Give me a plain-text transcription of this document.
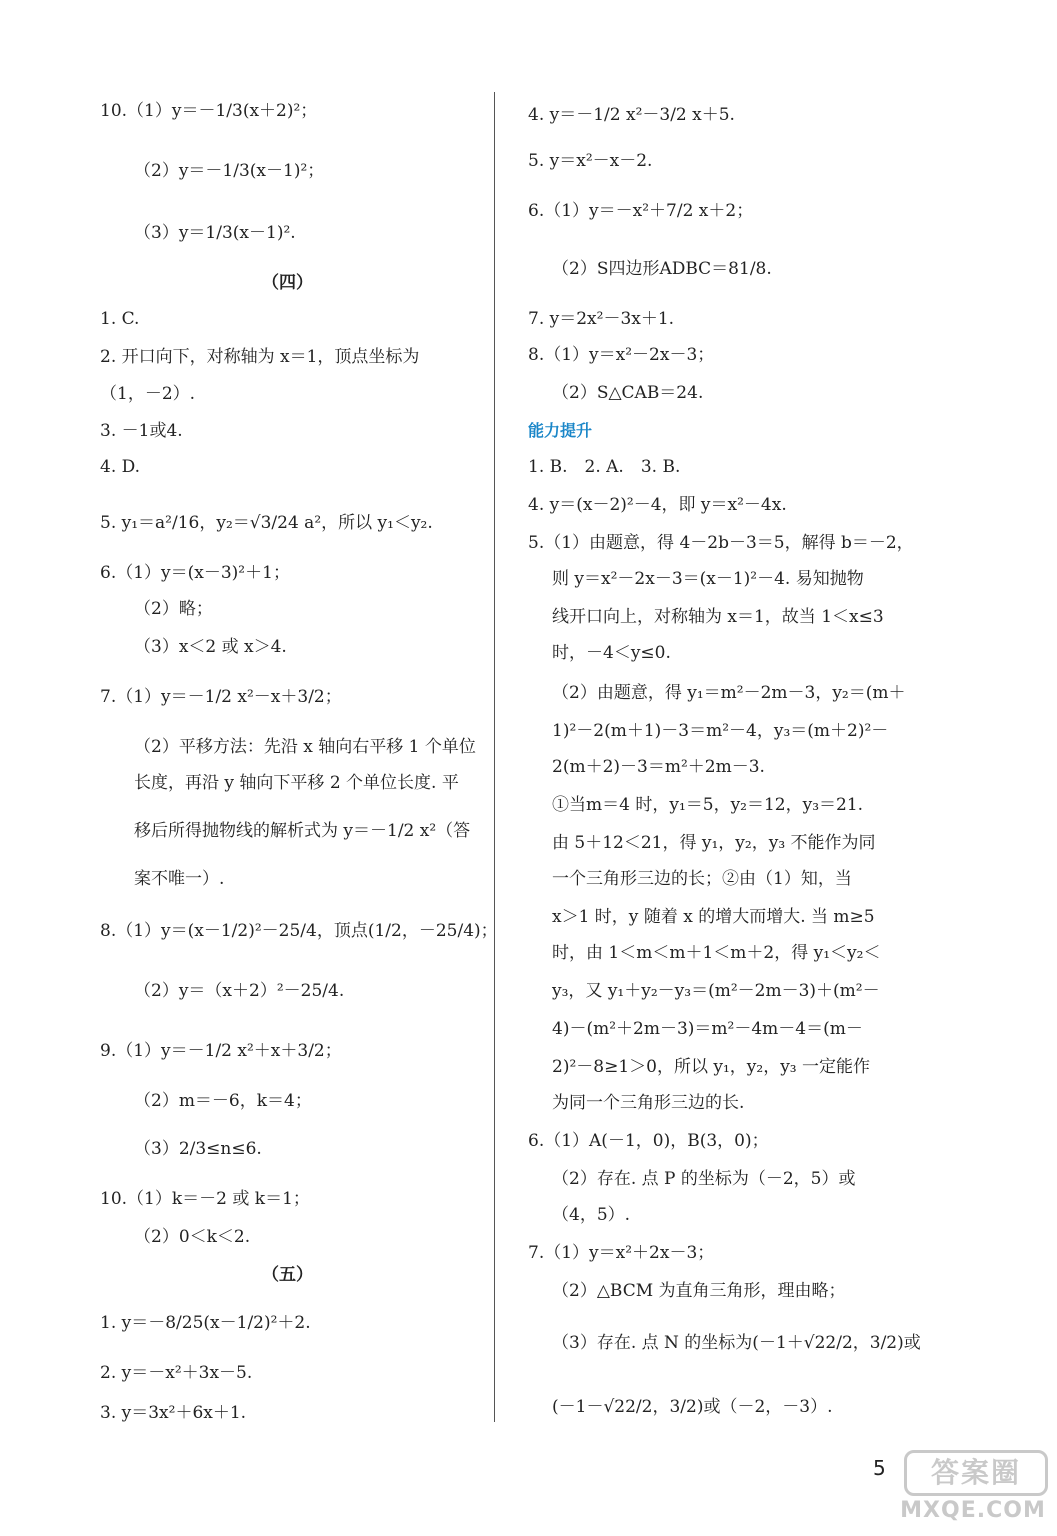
5	答案圈
MXQE.COM
10.（1）y＝－1/3(x＋2)²；
（2）y＝－1/3(x－1)²；
（3）y＝1/3(x－1)².
（四）
1. C.
2. 开口向下，对称轴为 x＝1，顶点坐标为
（1，－2）.
3. －1或4.
4. D.
5. y₁＝a²/16，y₂＝√3/24 a²，所以 y₁＜y₂.
6.（1）y＝(x－3)²＋1；
（2）略；
（3）x＜2 或 x＞4.
7.（1）y＝－1/2 x²－x＋3/2；
（2）平移方法：先沿 x 轴向右平移 1 个单位
长度，再沿 y 轴向下平移 2 个单位长度. 平
移后所得抛物线的解析式为 y＝－1/2 x²（答
案不唯一）.
8.（1）y＝(x－1/2)²－25/4，顶点(1/2，－25/4)；
（2）y＝（x＋2）²－25/4.
9.（1）y＝－1/2 x²＋x＋3/2；
（2）m＝－6，k＝4；
（3）2/3≤n≤6.
10.（1）k＝－2 或 k＝1；
（2）0＜k＜2.
（五）
1. y＝－8/25(x－1/2)²＋2.
2. y＝－x²＋3x－5.
3. y＝3x²＋6x＋1.
4. y＝－1/2 x²－3/2 x＋5.
5. y＝x²－x－2.
6.（1）y＝－x²＋7/2 x＋2；
（2）S四边形ADBC＝81/8.
7. y＝2x²－3x＋1.
8.（1）y＝x²－2x－3；
（2）S△CAB＝24.
能力提升
1. B.　2. A.　3. B.
4. y＝(x－2)²－4，即 y＝x²－4x.
5.（1）由题意，得 4－2b－3＝5，解得 b＝－2，
则 y＝x²－2x－3＝(x－1)²－4. 易知抛物
线开口向上，对称轴为 x＝1，故当 1＜x≤3
时，－4＜y≤0.
（2）由题意，得 y₁＝m²－2m－3，y₂＝(m＋
1)²－2(m＋1)－3＝m²－4，y₃＝(m＋2)²－
2(m＋2)－3＝m²＋2m－3.
①当m＝4 时，y₁＝5，y₂＝12，y₃＝21.
由 5＋12＜21，得 y₁，y₂，y₃ 不能作为同
一个三角形三边的长；②由（1）知，当
x＞1 时，y 随着 x 的增大而增大. 当 m≥5
时，由 1＜m＜m＋1＜m＋2，得 y₁＜y₂＜
y₃，又 y₁＋y₂－y₃＝(m²－2m－3)＋(m²－
4)－(m²＋2m－3)＝m²－4m－4＝(m－
2)²－8≥1＞0，所以 y₁，y₂，y₃ 一定能作
为同一个三角形三边的长.
6.（1）A(－1，0)，B(3，0)；
（2）存在. 点 P 的坐标为（－2，5）或
（4，5）.
7.（1）y＝x²＋2x－3；
（2）△BCM 为直角三角形，理由略；
（3）存在. 点 N 的坐标为(－1＋√22/2，3/2)或
(－1－√22/2，3/2)或（－2，－3）.
